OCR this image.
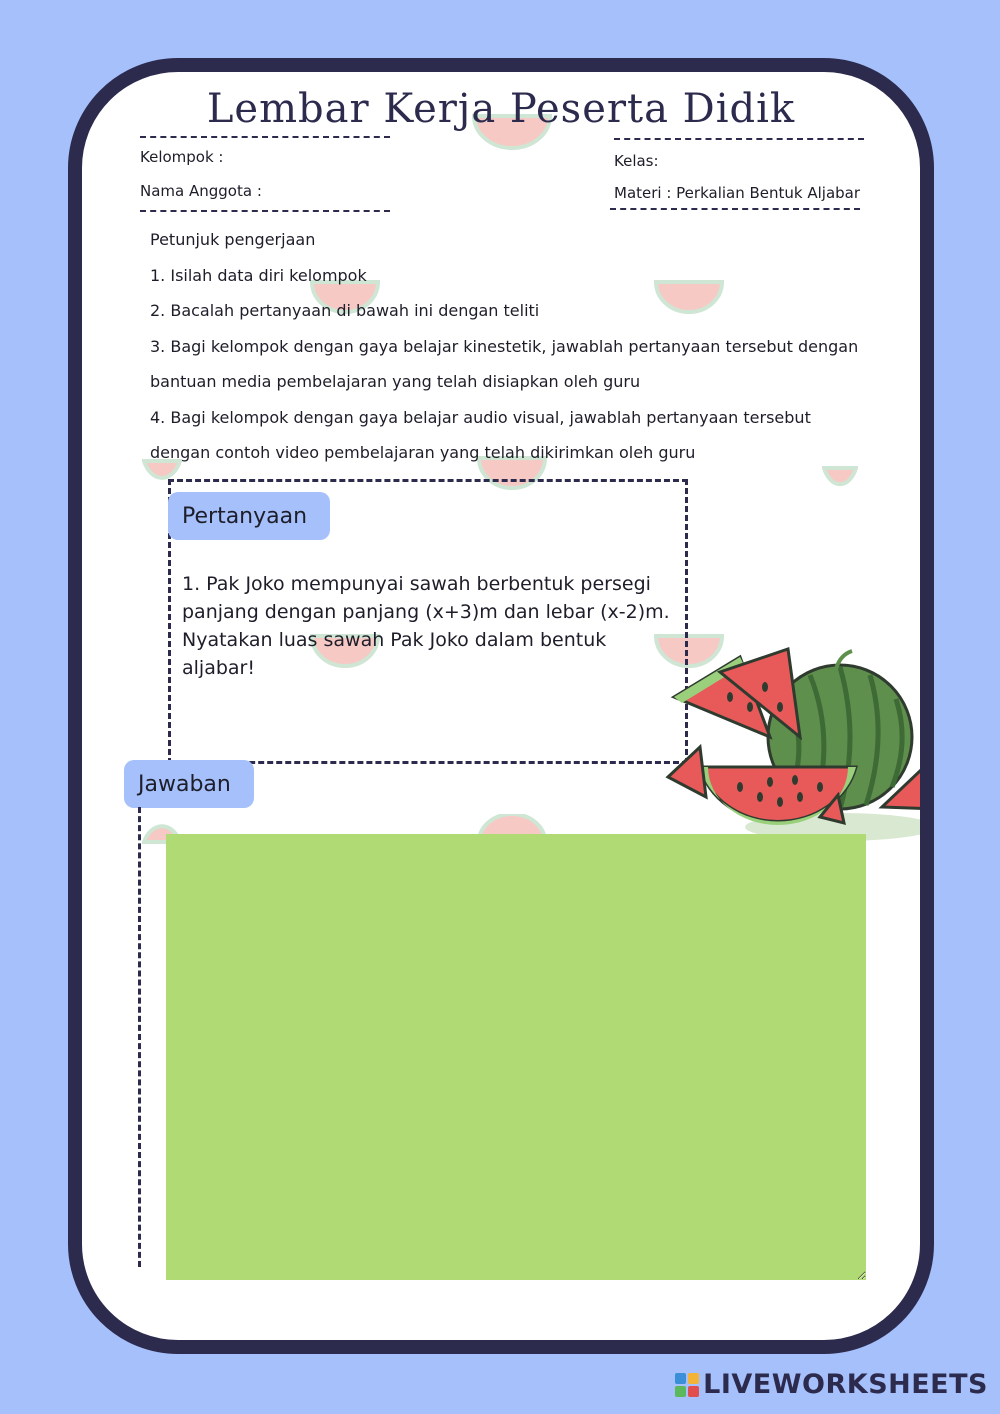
Lembar Kerja Peserta Didik
Kelompok :
Nama Anggota :
Kelas:
Materi : Perkalian Bentuk Aljabar

Petunjuk pengerjaan

1. Isilah data diri kelompok

2. Bacalah pertanyaan di bawah ini dengan teliti

3. Bagi kelompok dengan gaya belajar kinestetik, jawablah pertanyaan tersebut dengan

bantuan media pembelajaran yang telah disiapkan oleh guru

4. Bagi kelompok dengan gaya belajar audio visual, jawablah pertanyaan tersebut

dengan contoh video pembelajaran yang telah dikirimkan oleh guru

Pertanyaan
1. Pak Joko mempunyai sawah berbentuk persegi panjang dengan panjang (x+3)m dan lebar (x-2)m. Nyatakan luas sawah Pak Joko dalam bentuk aljabar!
Jawaban
LIVEWORKSHEETS
